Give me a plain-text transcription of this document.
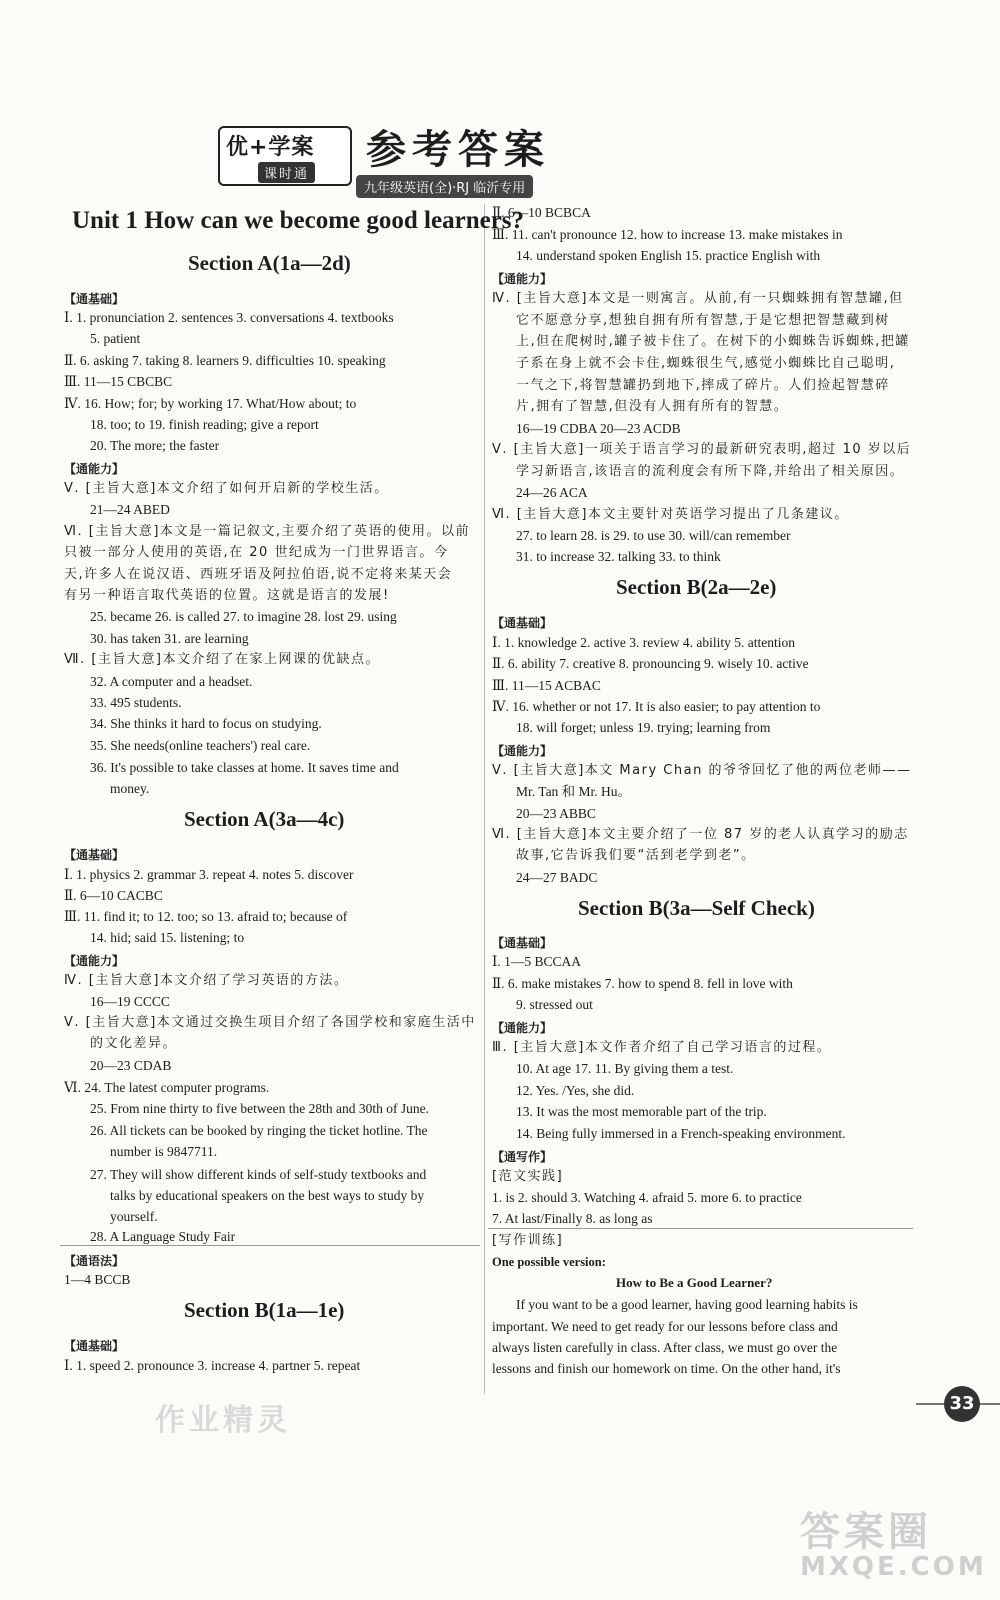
优+学案
课时通
参考答案
九年级英语(全)·RJ 临沂专用
Unit 1 How can we become good learners?
Section A(1a—2d)
【通基础】
Ⅰ. 1. pronunciation 2. sentences 3. conversations 4. textbooks
5. patient
Ⅱ. 6. asking 7. taking 8. learners 9. difficulties 10. speaking
Ⅲ. 11—15 CBCBC
Ⅳ. 16. How; for; by working 17. What/How about; to
18. too; to 19. finish reading; give a report
20. The more; the faster
【通能力】
Ⅴ. [主旨大意]本文介绍了如何开启新的学校生活。
21—24 ABED
Ⅵ. [主旨大意]本文是一篇记叙文,主要介绍了英语的使用。以前
只被一部分人使用的英语,在 20 世纪成为一门世界语言。今
天,许多人在说汉语、西班牙语及阿拉伯语,说不定将来某天会
有另一种语言取代英语的位置。这就是语言的发展!
25. became 26. is called 27. to imagine 28. lost 29. using
30. has taken 31. are learning
Ⅶ. [主旨大意]本文介绍了在家上网课的优缺点。
32. A computer and a headset.
33. 495 students.
34. She thinks it hard to focus on studying.
35. She needs(online teachers') real care.
36. It's possible to take classes at home. It saves time and
money.
Section A(3a—4c)
【通基础】
Ⅰ. 1. physics 2. grammar 3. repeat 4. notes 5. discover
Ⅱ. 6—10 CACBC
Ⅲ. 11. find it; to 12. too; so 13. afraid to; because of
14. hid; said 15. listening; to
【通能力】
Ⅳ. [主旨大意]本文介绍了学习英语的方法。
16—19 CCCC
Ⅴ. [主旨大意]本文通过交换生项目介绍了各国学校和家庭生活中
的文化差异。
20—23 CDAB
Ⅵ. 24. The latest computer programs.
25. From nine thirty to five between the 28th and 30th of June.
26. All tickets can be booked by ringing the ticket hotline. The
number is 9847711.
27. They will show different kinds of self-study textbooks and
talks by educational speakers on the best ways to study by
yourself.
28. A Language Study Fair
【通语法】
1—4 BCCB
Section B(1a—1e)
【通基础】
Ⅰ. 1. speed 2. pronounce 3. increase 4. partner 5. repeat
Ⅱ. 6—10 BCBCA
Ⅲ. 11. can't pronounce 12. how to increase 13. make mistakes in
14. understand spoken English 15. practice English with
【通能力】
Ⅳ. [主旨大意]本文是一则寓言。从前,有一只蜘蛛拥有智慧罐,但
它不愿意分享,想独自拥有所有智慧,于是它想把智慧藏到树
上,但在爬树时,罐子被卡住了。在树下的小蜘蛛告诉蜘蛛,把罐
子系在身上就不会卡住,蜘蛛很生气,感觉小蜘蛛比自己聪明,
一气之下,将智慧罐扔到地下,摔成了碎片。人们捡起智慧碎
片,拥有了智慧,但没有人拥有所有的智慧。
16—19 CDBA 20—23 ACDB
Ⅴ. [主旨大意]一项关于语言学习的最新研究表明,超过 10 岁以后
学习新语言,该语言的流利度会有所下降,并给出了相关原因。
24—26 ACA
Ⅵ. [主旨大意]本文主要针对英语学习提出了几条建议。
27. to learn 28. is 29. to use 30. will/can remember
31. to increase 32. talking 33. to think
Section B(2a—2e)
【通基础】
Ⅰ. 1. knowledge 2. active 3. review 4. ability 5. attention
Ⅱ. 6. ability 7. creative 8. pronouncing 9. wisely 10. active
Ⅲ. 11—15 ACBAC
Ⅳ. 16. whether or not 17. It is also easier; to pay attention to
18. will forget; unless 19. trying; learning from
【通能力】
Ⅴ. [主旨大意]本文 Mary Chan 的爷爷回忆了他的两位老师——
Mr. Tan 和 Mr. Hu。
20—23 ABBC
Ⅵ. [主旨大意]本文主要介绍了一位 87 岁的老人认真学习的励志
故事,它告诉我们要“活到老学到老”。
24—27 BADC
Section B(3a—Self Check)
【通基础】
Ⅰ. 1—5 BCCAA
Ⅱ. 6. make mistakes 7. how to spend 8. fell in love with
9. stressed out
【通能力】
Ⅲ. [主旨大意]本文作者介绍了自己学习语言的过程。
10. At age 17. 11. By giving them a test.
12. Yes. /Yes, she did.
13. It was the most memorable part of the trip.
14. Being fully immersed in a French-speaking environment.
【通写作】
[范文实践]
1. is 2. should 3. Watching 4. afraid 5. more 6. to practice
7. At last/Finally 8. as long as
[写作训练]
One possible version:
How to Be a Good Learner?
If you want to be a good learner, having good learning habits is
important. We need to get ready for our lessons before class and
always listen carefully in class. After class, we must go over the
lessons and finish our homework on time. On the other hand, it's
33
作业精灵
答案圈
MXQE.COM
